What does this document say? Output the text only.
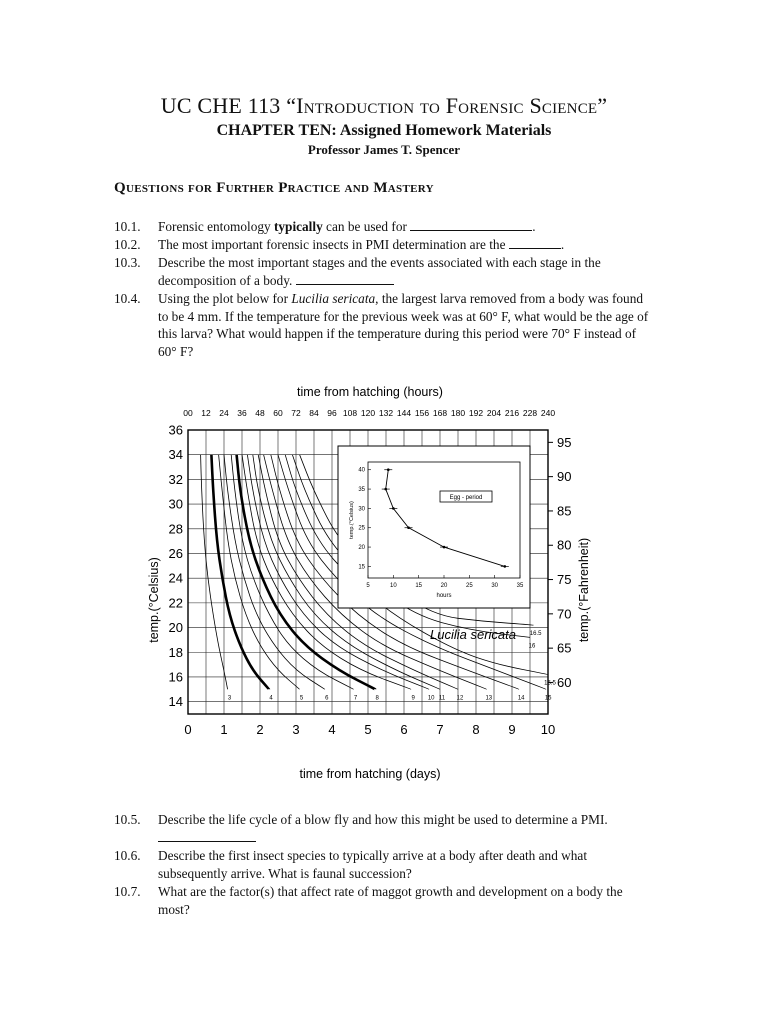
UC CHE 113 “Introduction to Forensic Science”
CHAPTER TEN: Assigned Homework Materials
Professor James T. Spencer
Questions for Further Practice and Mastery
10.1.	Forensic entomology typically can be used for	.
10.2.	The most important forensic insects in PMI determination are the	.
10.3.	Describe the most important stages and the events associated with each stage in the decomposition of a body.
10.4.	Using the plot below for Lucilia sericata, the largest larva removed from a body was found to be 4 mm. If the temperature for the previous week was at 60° F, what would be the age of this larva? What would happen if the temperature during this period were 70° F instead of 60° F?
3	4	5	6	7	8	9 10 11 12	13	14	15
15.5
16
16.5
0 1 2 3 4 5 6 7 8 9 10
00 12 24 36 48 60 72 84 96 108 120 132 144 156 168 180 192 204 216 228 240
14
16
18
20
22
24
26
28
30
32
34
36
60
65
70
75
80
85
90
95
5	10	15	20	25	30	35
15
20
25
30
35
40
Egg - period
hours
temp.(°Celsius)
time from hatching (days)
time from hatching (hours)
temp.(°Celsius)	temp.(°Fahrenheit)
Lucilia sericata
10.5.	Describe the life cycle of a blow fly and how this might be used to determine a PMI.
10.6.	Describe the first insect species to typically arrive at a body after death and what subsequently arrive. What is faunal succession?
10.7.	What are the factor(s) that affect rate of maggot growth and development on a body the most?
